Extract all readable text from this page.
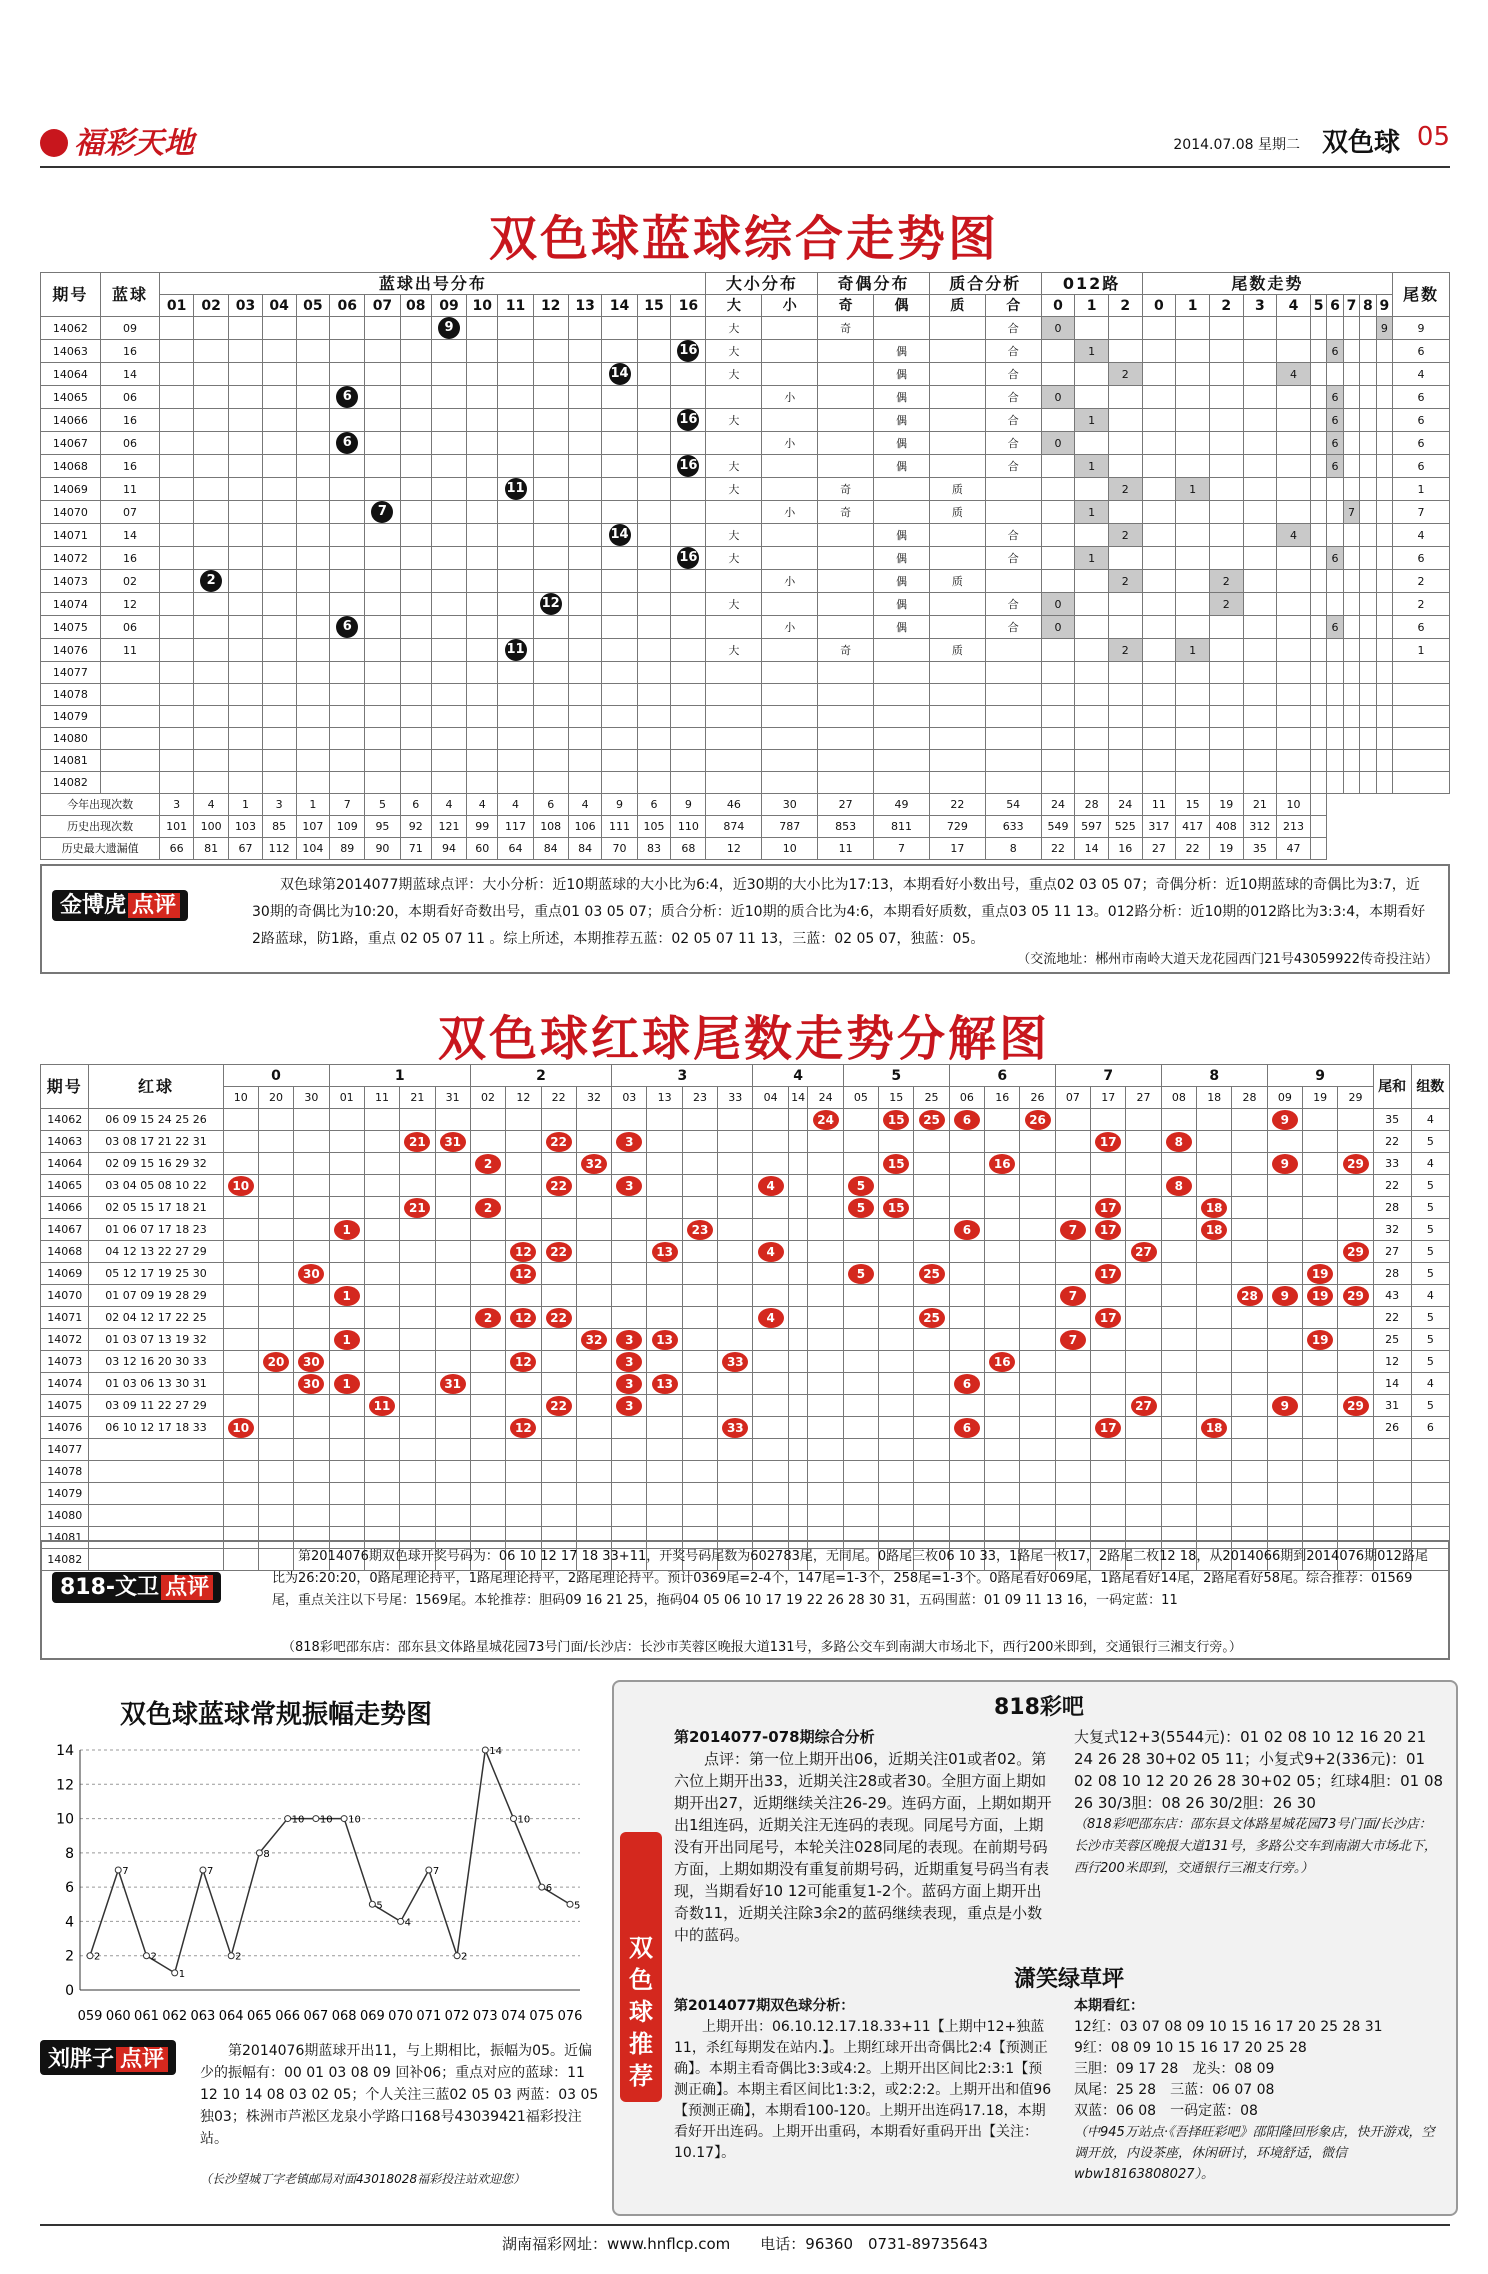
福彩天地	2014.07.08 星期二 双色球 05
双色球蓝球综合走势图
期号	蓝球	蓝球出号分布																大小分布		奇偶分布		质合分析		012路			尾数走势										尾数
		01	02	03	04	05	06	07	08	09	10	11	12	13	14	15	16	大	小	奇	偶	质	合	0	1	2	0	1	2	3	4	5	6	7	8	9	
14062	09									9								大		奇			合	0												9	9
14063	16																16	大			偶		合		1								6				6
14064	14														14			大			偶		合			2					4						4
14065	06						6												小		偶		合	0									6				6
14066	16																16	大			偶		合		1								6				6
14067	06						6												小		偶		合	0									6				6
14068	16																16	大			偶		合		1								6				6
14069	11											11						大		奇		质				2		1									1
14070	07							7											小	奇		质			1									7			7
14071	14														14			大			偶		合			2					4						4
14072	16																16	大			偶		合		1								6				6
14073	02		2																小		偶	质				2			2								2
14074	12												12					大			偶		合	0					2								2
14075	06						6												小		偶		合	0									6				6
14076	11											11						大		奇		质				2		1									1
14077																																					
14078																																					
14079																																					
14080																																					
14081																																					
14082																																					
今年出现次数		3	4	1	3	1	7	5	6	4	4	4	6	4	9	6	9	46	30	27	49	22	54	24	28	24	11	15	19	21	10						
历史出现次数		101	100	103	85	107	109	95	92	121	99	117	108	106	111	105	110	874	787	853	811	729	633	549	597	525	317	417	408	312	213						
历史最大遗漏值		66	81	67	112	104	89	90	71	94	60	64	84	84	70	83	68	12	10	11	7	17	8	22	14	16	27	22	19	35	47						
金博虎 点评
双色球第2014077期蓝球点评：大小分析：近10期蓝球的大小比为6:4，近30期的大小比为17:13，本期看好小数出号，重点02 03 05 07；奇偶分析：近10期蓝球的奇偶比为3:7，近30期的奇偶比为10:20，本期看好奇数出号，重点01 03 05 07；质合分析：近10期的质合比为4:6，本期看好质数，重点03 05 11 13。012路分析：近10期的012路比为3:3:4，本期看好2路蓝球，防1路，重点 02 05 07 11 。综上所述，本期推荐五蓝：02 05 07 11 13，三蓝：02 05 07，独蓝：05。
（交流地址：郴州市南岭大道天龙花园西门21号43059922传奇投注站）
双色球红球尾数走势分解图
期号	红球	0			1				2				3				4			5			6			7			8			9			尾和	组数
		10	20	30	01	11	21	31	02	12	22	32	03	13	23	33	04	14	24	05	15	25	06	16	26	07	17	27	08	18	28	09	19	29		
14062	06 09 15 24 25 26																		24		15	25	6		26							9			35	4
14063	03 08 17 21 22 31						21	31			22		3														17		8						22	5
14064	02 09 15 16 29 32								2			32									15			16								9		29	33	4
14065	03 04 05 08 10 22	10									22		3				4			5									8						22	5
14066	02 05 15 17 18 21						21		2											5	15						17			18					28	5
14067	01 06 07 17 18 23				1										23								6			7	17			18					32	5
14068	04 12 13 22 27 29									12	22			13			4											27						29	27	5
14069	05 12 17 19 25 30			30						12										5		25					17						19		28	5
14070	01 07 09 19 28 29				1																					7					28	9	19	29	43	4
14071	02 04 12 17 22 25								2	12	22						4					25					17								22	5
14072	01 03 07 13 19 32				1							32	3	13												7							19		25	5
14073	03 12 16 20 30 33		20	30						12			3			33								16											12	5
14074	01 03 06 13 30 31			30	1			31					3	13									6												14	4
14075	03 09 11 22 27 29					11					22		3															27				9		29	31	5
14076	06 10 12 17 18 33	10								12						33							6				17			18					26	6
14077																																				
14078																																				
14079																																				
14080																																				
14081																																				
14082																																				
818-文卫 点评
第2014076期双色球开奖号码为：06 10 12 17 18 33+11，开奖号码尾数为602783尾，无同尾。0路尾三枚06 10 33，1路尾一枚17，2路尾二枚12 18，从2014066期到2014076期012路尾比为26:20:20，0路尾理论持平，1路尾理论持平，2路尾理论持平。预计0369尾=2-4个，147尾=1-3个，258尾=1-3个。0路尾看好069尾，1路尾看好14尾，2路尾看好58尾。综合推荐：01569尾，重点关注以下号尾：1569尾。本轮推荐：胆码09 16 21 25，拖码04 05 06 10 17 19 22 26 28 30 31，五码围蓝：01 09 11 13 16，一码定蓝：11
（818彩吧邵东店：邵东县文体路星城花园73号门面/长沙店：长沙市芙蓉区晚报大道131号，多路公交车到南湖大市场北下，西行200米即到，交通银行三湘支行旁。）
双色球蓝球常规振幅走势图
0
2
4
6
8
10
12
14
2
7
2
1
7
2
8
10 10 10
5
4
7
2
14
10
6
5
059 060 061 062 063 064 065 066 067 068 069 070 071 072 073 074 075 076
刘胖子 点评	第2014076期蓝球开出11，与上期相比，振幅为05。近偏少的振幅有：00 01 03 08 09 回补06；重点对应的蓝球：11 12 10 14 08 03 02 05；个人关注三蓝02 05 03 两蓝：03 05 独03；株洲市芦淞区龙泉小学路口168号43039421福彩投注站。
（长沙望城丁字老镇邮局对面43018028福彩投注站欢迎您）
双色球推荐
818彩吧
第2014077-078期综合分析
点评：第一位上期开出06，近期关注01或者02。第六位上期开出33，近期关注28或者30。全胆方面上期如期开出27，近期继续关注26-29。连码方面，上期如期开出1组连码，近期关注无连码的表现。同尾号方面，上期没有开出同尾号，本轮关注028同尾的表现。在前期号码方面，上期如期没有重复前期号码，近期重复号码当有表现，当期看好10 12可能重复1-2个。蓝码方面上期开出奇数11，近期关注除3余2的蓝码继续表现，重点是小数中的蓝码。
大复式12+3(5544元)：01 02 08 10 12 16 20 21 24 26 28 30+02 05 11；小复式9+2(336元)：01 02 08 10 12 20 26 28 30+02 05；红球4胆：01 08 26 30/3胆：08 26 30/2胆：26 30
（818彩吧邵东店：邵东县文体路星城花园73号门面/长沙店：长沙市芙蓉区晚报大道131号，多路公交车到南湖大市场北下，西行200米即到，交通银行三湘支行旁。）
潇笑绿草坪
第2014077期双色球分析：
上期开出：06.10.12.17.18.33+11【上期中12+独蓝11，杀红每期发在站内.】。上期红球开出奇偶比2:4【预测正确】。本期主看奇偶比3:3或4:2。上期开出区间比2:3:1【预测正确】。本期主看区间比1:3:2，或2:2:2。上期开出和值96【预测正确】，本期看100-120。上期开出连码17.18，本期看好开出连码。上期开出重码，本期看好重码开出【关注：10.17】。
本期看红：
12红：03 07 08 09 10 15 16 17 20 25 28 31
9红：08 09 10 15 16 17 20 25 28
三胆：09 17 28　龙头：08 09
凤尾：25 28　三蓝：06 07 08
双蓝：06 08　一码定蓝：08
（中945万站点·《吾择旺彩吧》邵阳隆回形象店，快开游戏，空调开放，内设茶座，休闲研讨，环境舒适，微信wbw18163808027）。
湖南福彩网址：www.hnflcp.com　　电话：96360　0731-89735643
